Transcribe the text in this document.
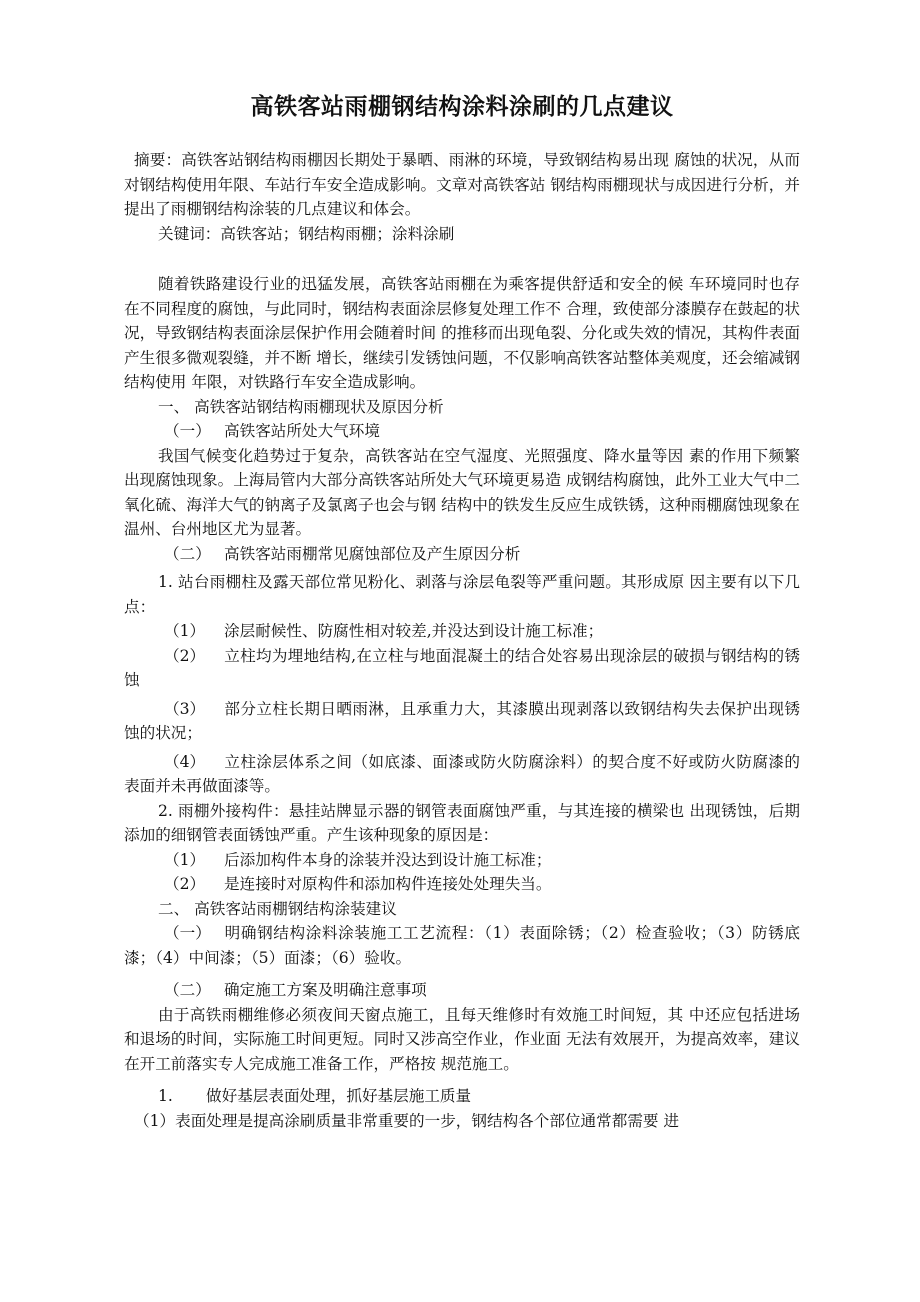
高铁客站雨棚钢结构涂料涂刷的几点建议

摘要：高铁客站钢结构雨棚因长期处于暴晒、雨淋的环境，导致钢结构易出现 腐蚀的状况，从而对钢结构使用年限、车站行车安全造成影响。文章对高铁客站 钢结构雨棚现状与成因进行分析，并提出了雨棚钢结构涂装的几点建议和体会。

关键词：高铁客站；钢结构雨棚；涂料涂刷

随着铁路建设行业的迅猛发展，高铁客站雨棚在为乘客提供舒适和安全的候 车环境同时也存在不同程度的腐蚀，与此同时，钢结构表面涂层修复处理工作不 合理，致使部分漆膜存在鼓起的状况，导致钢结构表面涂层保护作用会随着时间 的推移而出现龟裂、分化或失效的情况，其构件表面产生很多微观裂缝，并不断 增长，继续引发锈蚀问题，不仅影响高铁客站整体美观度，还会缩减钢结构使用 年限，对铁路行车安全造成影响。

一、 高铁客站钢结构雨棚现状及原因分析

（一） 高铁客站所处大气环境

我国气候变化趋势过于复杂，高铁客站在空气湿度、光照强度、降水量等因 素的作用下频繁出现腐蚀现象。上海局管内大部分高铁客站所处大气环境更易造 成钢结构腐蚀，此外工业大气中二氧化硫、海洋大气的钠离子及氯离子也会与钢 结构中的铁发生反应生成铁锈，这种雨棚腐蚀现象在温州、台州地区尤为显著。

（二） 高铁客站雨棚常见腐蚀部位及产生原因分析

1. 站台雨棚柱及露天部位常见粉化、剥落与涂层龟裂等严重问题。其形成原 因主要有以下几点：

（1） 涂层耐候性、防腐性相对较差,并没达到设计施工标准；

（2） 立柱均为埋地结构,在立柱与地面混凝土的结合处容易出现涂层的破损与钢结构的锈蚀

（3） 部分立柱长期日晒雨淋，且承重力大，其漆膜出现剥落以致钢结构失去保护出现锈蚀的状况；

（4） 立柱涂层体系之间（如底漆、面漆或防火防腐涂料）的契合度不好或防火防腐漆的表面并未再做面漆等。

2. 雨棚外接构件：悬挂站牌显示器的钢管表面腐蚀严重，与其连接的横梁也 出现锈蚀，后期添加的细钢管表面锈蚀严重。产生该种现象的原因是：

（1） 后添加构件本身的涂装并没达到设计施工标准；

（2） 是连接时对原构件和添加构件连接处处理失当。

二、 高铁客站雨棚钢结构涂装建议

（一） 明确钢结构涂料涂装施工工艺流程：（1）表面除锈；（2）检查验收；（3）防锈底漆；（4）中间漆；（5）面漆；（6）验收。

（二） 确定施工方案及明确注意事项

由于高铁雨棚维修必须夜间天窗点施工，且每天维修时有效施工时间短，其 中还应包括进场和退场的时间，实际施工时间更短。同时又涉高空作业，作业面 无法有效展开，为提高效率，建议在开工前落实专人完成施工准备工作，严格按 规范施工。

1. 做好基层表面处理，抓好基层施工质量

（1）表面处理是提高涂刷质量非常重要的一步，钢结构各个部位通常都需要 进
